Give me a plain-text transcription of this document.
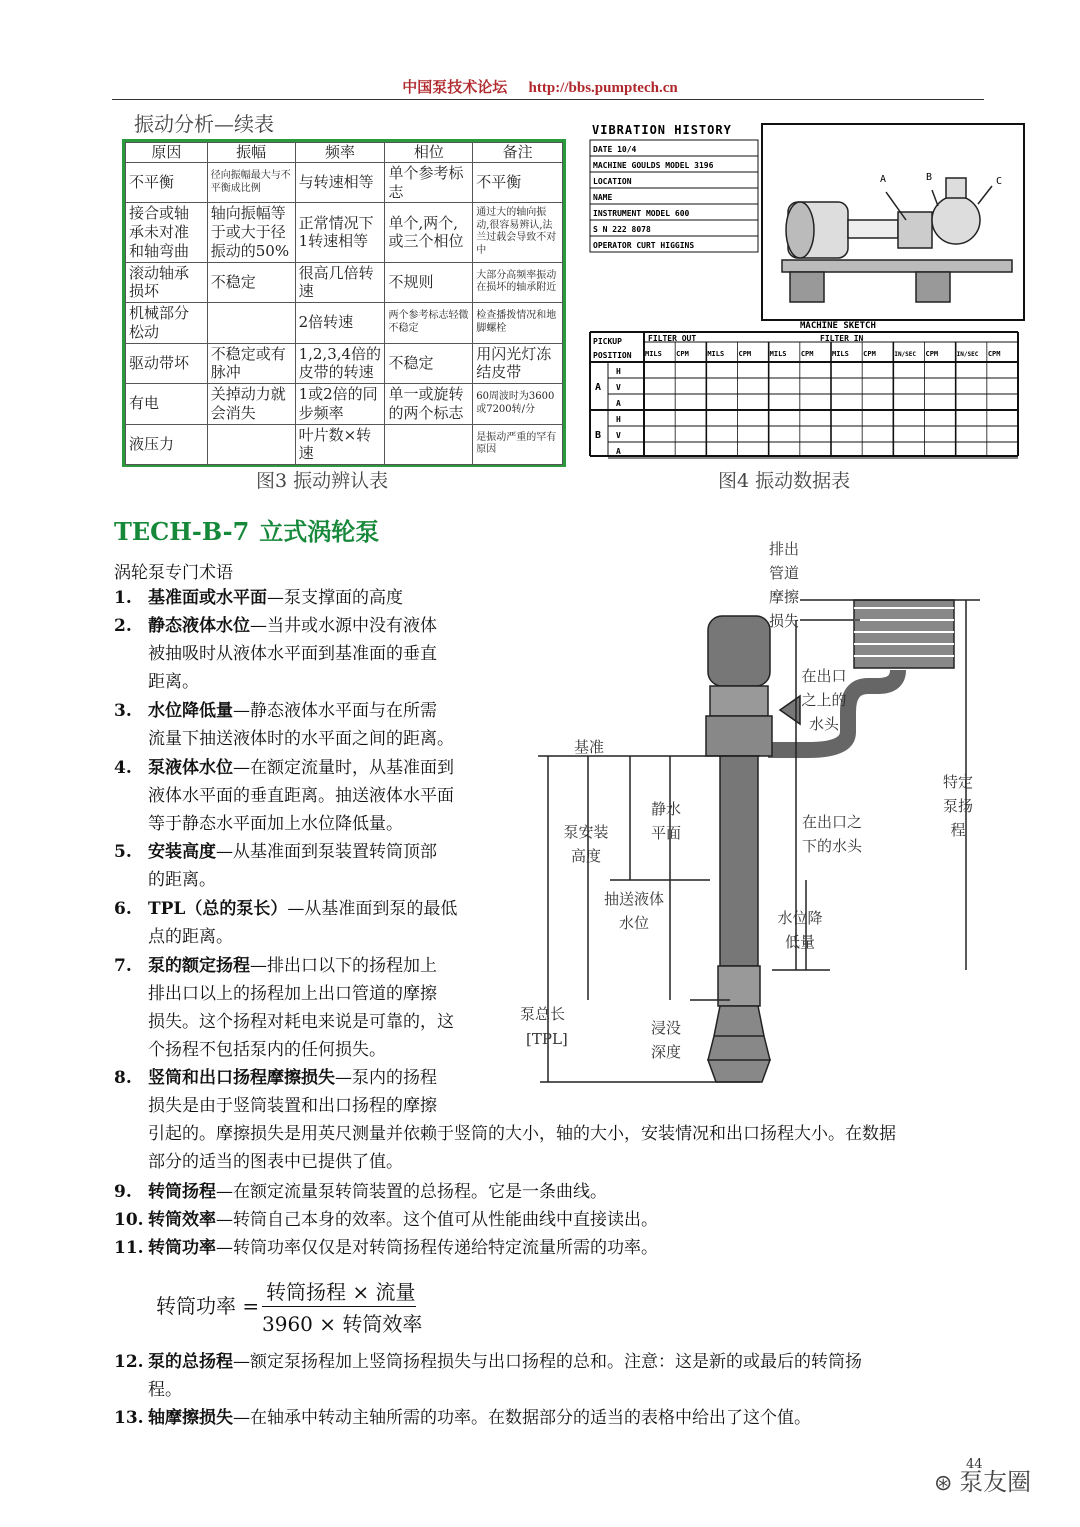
中国泵技术论坛 http://bbs.pumptech.cn
振动分析—续表
原因	振幅	频率	相位	备注
不平衡	径向振幅最大与不平衡成比例	与转速相等	单个参考标志	不平衡
接合或轴承未对准和轴弯曲	轴向振幅等于或大于径振动的50%	正常情况下1转速相等	单个,两个,或三个相位	通过大的轴向振动,很容易辨认,法兰过载会导致不对中
滚动轴承损坏	不稳定	很高几倍转速	不规则	大部分高频率振动在损坏的轴承附近
机械部分松动		2倍转速	两个参考标志轻微不稳定	检查播拨情况和地脚螺栓
驱动带坏	不稳定或有脉冲	1,2,3,4倍的皮带的转速	不稳定	用闪光灯冻结皮带
有电	关掉动力就会消失	1或2倍的同步频率	单一或旋转的两个标志	60周波时为3600或7200转/分
液压力		叶片数×转速		是振动严重的罕有原因
图3 振动辨认表
VIBRATION HISTORY
DATE 10/4
MACHINE GOULDS MODEL 3196
LOCATION
NAME
INSTRUMENT MODEL 600
S N 222 8078
OPERATOR CURT HIGGINS
A	B	C
MACHINE SKETCH
PICKUP
POSITION
FILTER OUT	FILTER IN
MILS CPM	MILS CPM	MILS CPM	MILS CPM	IN/SEC CPM	IN/SEC CPM
A
H
V
A
B
H
V
A
图4 振动数据表
TECH-B-7 立式涡轮泵
涡轮泵专门术语
1. 基准面或水平面—泵支撑面的高度
2. 静态液体水位—当井或水源中没有液体
被抽吸时从液体水平面到基准面的垂直
距离。
3. 水位降低量—静态液体水平面与在所需
流量下抽送液体时的水平面之间的距离。
4. 泵液体水位—在额定流量时，从基准面到
液体水平面的垂直距离。抽送液体水平面
等于静态水平面加上水位降低量。
5. 安装高度—从基准面到泵装置转筒顶部
的距离。
6. TPL（总的泵长）—从基准面到泵的最低
点的距离。
7. 泵的额定扬程—排出口以下的扬程加上
排出口以上的扬程加上出口管道的摩擦
损失。这个扬程对耗电来说是可靠的，这
个扬程不包括泵内的任何损失。
8. 竖筒和出口扬程摩擦损失—泵内的扬程
损失是由于竖筒装置和出口扬程的摩擦
引起的。摩擦损失是用英尺测量并依赖于竖筒的大小，轴的大小，安装情况和出口扬程大小。在数据
部分的适当的图表中已提供了值。
9. 转筒扬程—在额定流量泵转筒装置的总扬程。它是一条曲线。
10. 转筒效率—转筒自己本身的效率。这个值可从性能曲线中直接读出。
11. 转筒功率—转筒功率仅仅是对转筒扬程传递给特定流量所需的功率。
12. 泵的总扬程—额定泵扬程加上竖筒扬程损失与出口扬程的总和。注意：这是新的或最后的转筒扬
程。
13. 轴摩擦损失—在轴承中转动主轴所需的功率。在数据部分的适当的表格中给出了这个值。
转筒功率 =
转筒扬程 × 流量
3960 × 转筒效率
排出管道摩擦损失
在出口之上的水头
基准
特定泵扬程
静水平面
泵安装高度
在出口之下的水头
抽送液体水位	水位降低量
泵总长
[TPL]
浸没深度
44
⊛ 泵友圈
